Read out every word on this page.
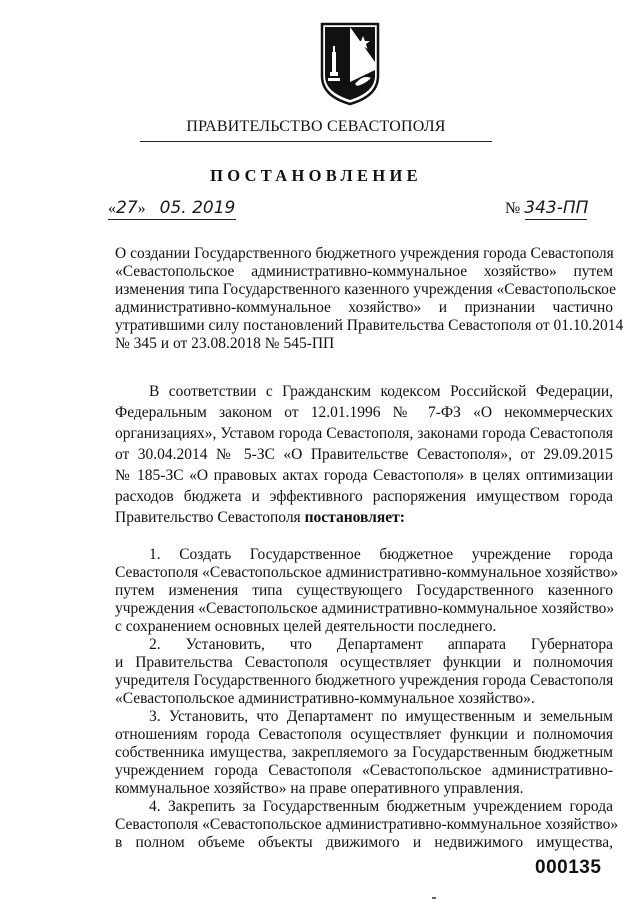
ПРАВИТЕЛЬСТВО СЕВАСТОПОЛЯ
ПОСТАНОВЛЕНИЕ
«27» 05. 2019	№ 343-ПП
О создании Государственного бюджетного учреждения города Севастополя
«Севастопольское административно-коммунальное хозяйство» путем
изменения типа Государственного казенного учреждения «Севастопольское
административно-коммунальное хозяйство» и признании частично
утратившими силу постановлений Правительства Севастополя от 01.10.2014
№ 345 и от 23.08.2018 № 545-ПП
В соответствии с Гражданским кодексом Российской Федерации,
Федеральным законом от 12.01.1996 № 7-ФЗ «О некоммерческих
организациях», Уставом города Севастополя, законами города Севастополя
от 30.04.2014 № 5-ЗС «О Правительстве Севастополя», от 29.09.2015
№ 185-ЗС «О правовых актах города Севастополя» в целях оптимизации
расходов бюджета и эффективного распоряжения имуществом города
Правительство Севастополя постановляет:
1. Создать Государственное бюджетное учреждение города
Севастополя «Севастопольское административно-коммунальное хозяйство»
путем изменения типа существующего Государственного казенного
учреждения «Севастопольское административно-коммунальное хозяйство»
с сохранением основных целей деятельности последнего.
2. Установить, что Департамент аппарата Губернатора
и Правительства Севастополя осуществляет функции и полномочия
учредителя Государственного бюджетного учреждения города Севастополя
«Севастопольское административно-коммунальное хозяйство».
3. Установить, что Департамент по имущественным и земельным
отношениям города Севастополя осуществляет функции и полномочия
собственника имущества, закрепляемого за Государственным бюджетным
учреждением города Севастополя «Севастопольское административно-
коммунальное хозяйство» на праве оперативного управления.
4. Закрепить за Государственным бюджетным учреждением города
Севастополя «Севастопольское административно-коммунальное хозяйство»
в полном объеме объекты движимого и недвижимого имущества,
000135
